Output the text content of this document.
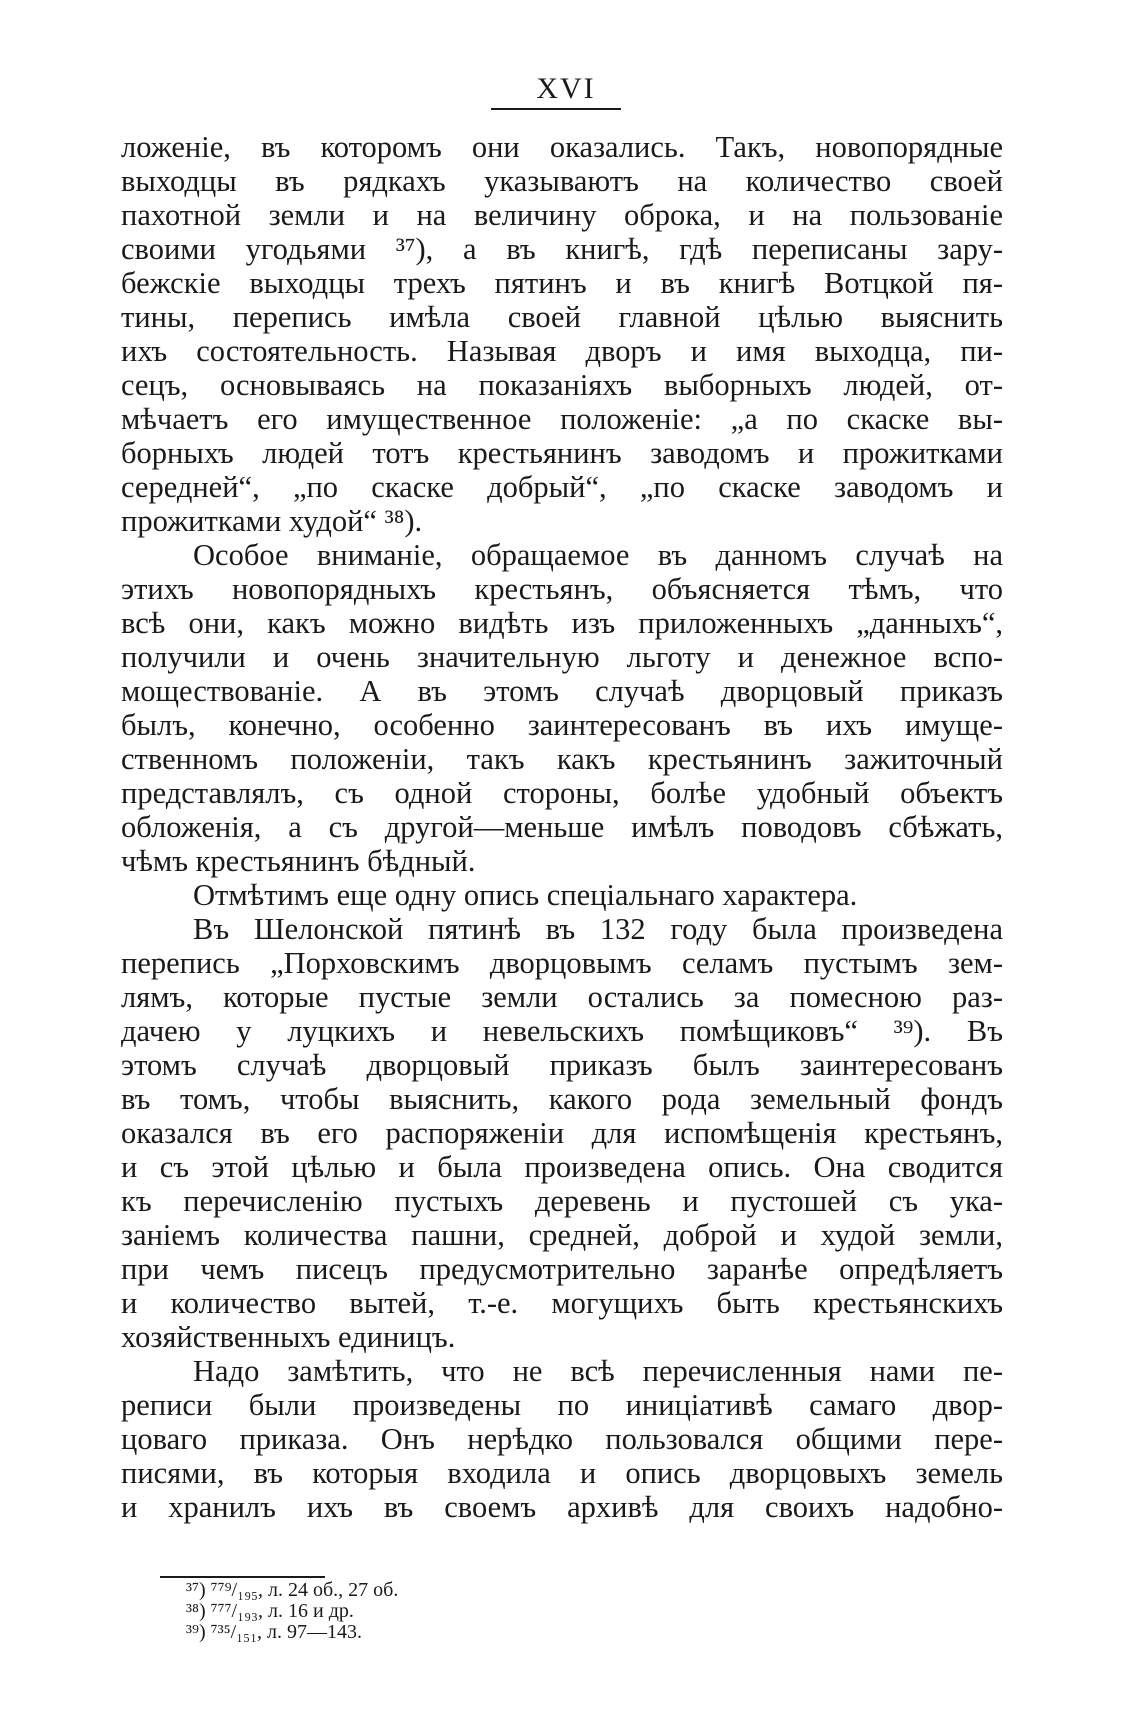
XVI
ложеніе, въ которомъ они оказались. Такъ, новопорядные
выходцы въ рядкахъ указываютъ на количество своей
пахотной земли и на величину оброка, и на пользованіе
своими угодьями ³⁷), а въ книгѣ, гдѣ переписаны зару-
бежскіе выходцы трехъ пятинъ и въ книгѣ Вотцкой пя-
тины, перепись имѣла своей главной цѣлью выяснить
ихъ состоятельность. Называя дворъ и имя выходца, пи-
сецъ, основываясь на показаніяхъ выборныхъ людей, от-
мѣчаетъ его имущественное положеніе: „а по скаске вы-
борныхъ людей тотъ крестьянинъ заводомъ и прожитками
середней“, „по скаске добрый“, „по скаске заводомъ и
прожитками худой“ ³⁸).
Особое вниманіе, обращаемое въ данномъ случаѣ на
этихъ новопорядныхъ крестьянъ, объясняется тѣмъ, что
всѣ они, какъ можно видѣть изъ приложенныхъ „данныхъ“,
получили и очень значительную льготу и денежное вспо-
моществованіе. А въ этомъ случаѣ дворцовый приказъ
былъ, конечно, особенно заинтересованъ въ ихъ имуще-
ственномъ положеніи, такъ какъ крестьянинъ зажиточный
представлялъ, съ одной стороны, болѣе удобный объектъ
обложенія, а съ другой—меньше имѣлъ поводовъ сбѣжать,
чѣмъ крестьянинъ бѣдный.
Отмѣтимъ еще одну опись спеціальнаго характера.
Въ Шелонской пятинѣ въ 132 году была произведена
перепись „Порховскимъ дворцовымъ селамъ пустымъ зем-
лямъ, которые пустые земли остались за помесною раз-
дачею у луцкихъ и невельскихъ помѣщиковъ“ ³⁹). Въ
этомъ случаѣ дворцовый приказъ былъ заинтересованъ
въ томъ, чтобы выяснить, какого рода земельный фондъ
оказался въ его распоряженіи для испомѣщенія крестьянъ,
и съ этой цѣлью и была произведена опись. Она сводится
къ перечисленію пустыхъ деревень и пустошей съ ука-
заніемъ количества пашни, средней, доброй и худой земли,
при чемъ писецъ предусмотрительно заранѣе опредѣляетъ
и количество вытей, т.-е. могущихъ быть крестьянскихъ
хозяйственныхъ единицъ.
Надо замѣтить, что не всѣ перечисленныя нами пе-
реписи были произведены по иниціативѣ самаго двор-
цоваго приказа. Онъ нерѣдко пользовался общими пере-
писями, въ которыя входила и опись дворцовыхъ земель
и хранилъ ихъ въ своемъ архивѣ для своихъ надобно-
³⁷) ⁷⁷⁹/₁₉₅, л. 24 об., 27 об.
³⁸) ⁷⁷⁷/₁₉₃, л. 16 и др.
³⁹) ⁷³⁵/₁₅₁, л. 97—143.
